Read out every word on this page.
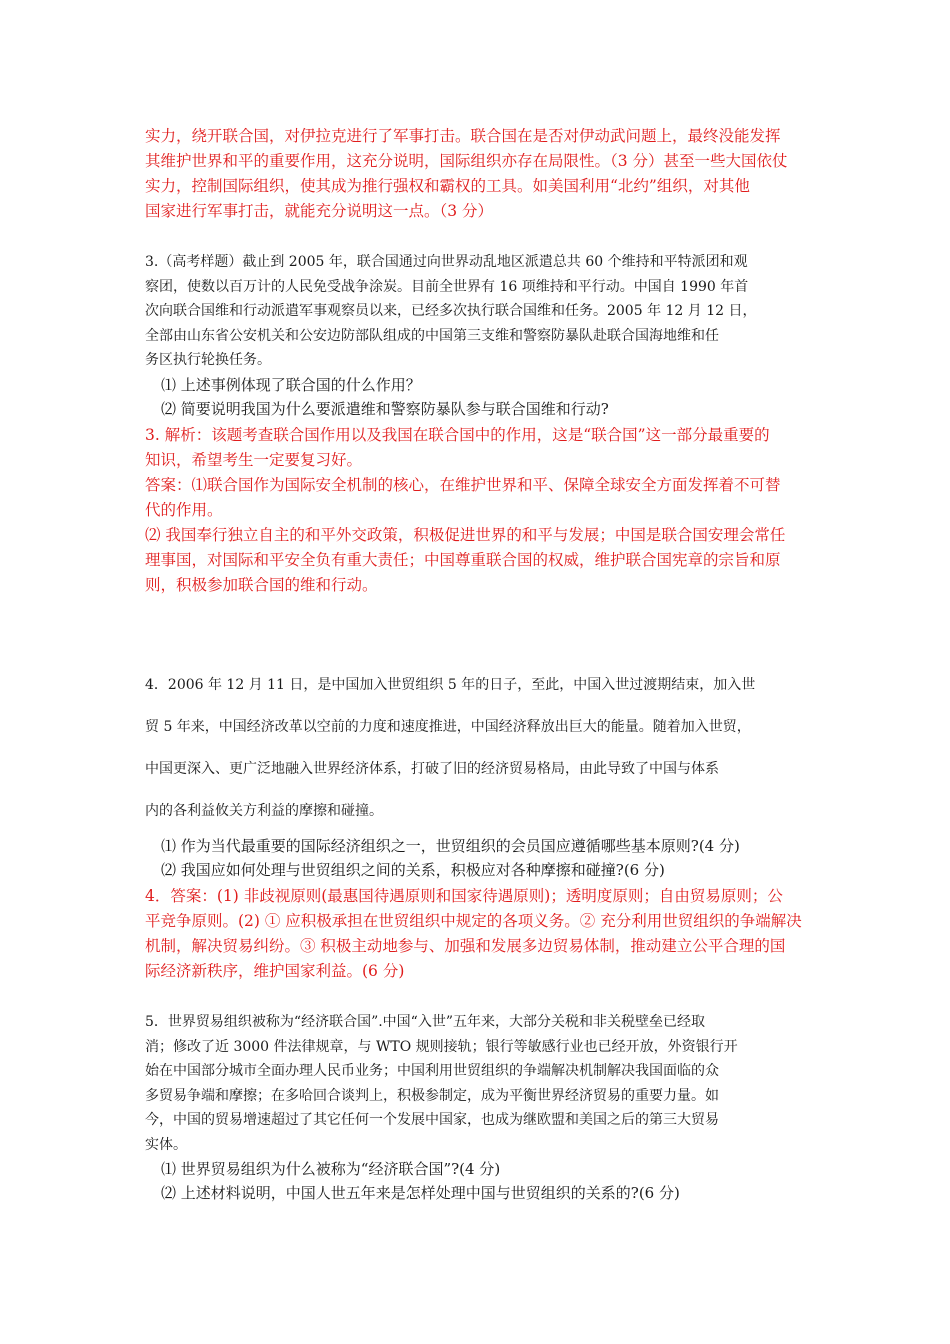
实力，绕开联合国，对伊拉克进行了军事打击。联合国在是否对伊动武问题上，最终没能发挥

其维护世界和平的重要作用，这充分说明，国际组织亦存在局限性。（3 分）甚至一些大国依仗

实力，控制国际组织，使其成为推行强权和霸权的工具。如美国利用“北约”组织，对其他

国家进行军事打击，就能充分说明这一点。（3 分）

3.（高考样题）截止到 2005 年，联合国通过向世界动乱地区派遣总共 60 个维持和平特派团和观

察团，使数以百万计的人民免受战争涂炭。目前全世界有 16 项维持和平行动。中国自 1990 年首

次向联合国维和行动派遣军事观察员以来，已经多次执行联合国维和任务。2005 年 12 月 12 日，

全部由山东省公安机关和公安边防部队组成的中国第三支维和警察防暴队赴联合国海地维和任

务区执行轮换任务。

⑴ 上述事例体现了联合国的什么作用？

⑵ 简要说明我国为什么要派遣维和警察防暴队参与联合国维和行动?

3. 解析：该题考查联合国作用以及我国在联合国中的作用，这是“联合国”这一部分最重要的

知识，希望考生一定要复习好。

答案：⑴联合国作为国际安全机制的核心，在维护世界和平、保障全球安全方面发挥着不可替

代的作用。

⑵ 我国奉行独立自主的和平外交政策，积极促进世界的和平与发展；中国是联合国安理会常任

理事国，对国际和平安全负有重大责任；中国尊重联合国的权威，维护联合国宪章的宗旨和原

则，积极参加联合国的维和行动。

4．2006 年 12 月 11 日，是中国加入世贸组织 5 年的日子，至此，中国入世过渡期结束，加入世

贸 5 年来，中国经济改革以空前的力度和速度推进，中国经济释放出巨大的能量。随着加入世贸，

中国更深入、更广泛地融入世界经济体系，打破了旧的经济贸易格局，由此导致了中国与体系

内的各利益攸关方利益的摩擦和碰撞。

⑴ 作为当代最重要的国际经济组织之一，世贸组织的会员国应遵循哪些基本原则?(4 分)

⑵ 我国应如何处理与世贸组织之间的关系，积极应对各种摩擦和碰撞?(6 分)

4．答案：(1) 非歧视原则(最惠国待遇原则和国家待遇原则)；透明度原则；自由贸易原则；公

平竞争原则。(2) ① 应积极承担在世贸组织中规定的各项义务。② 充分利用世贸组织的争端解决

机制，解决贸易纠纷。③ 积极主动地参与、加强和发展多边贸易体制，推动建立公平合理的国

际经济新秩序，维护国家利益。(6 分)

5．世界贸易组织被称为“经济联合国”.中国“入世”五年来，大部分关税和非关税壁垒已经取

消；修改了近 3000 件法律规章，与 WTO 规则接轨；银行等敏感行业也已经开放，外资银行开

始在中国部分城市全面办理人民币业务；中国利用世贸组织的争端解决机制解决我国面临的众

多贸易争端和摩擦；在多哈回合谈判上，积极参制定，成为平衡世界经济贸易的重要力量。如

今，中国的贸易增速超过了其它任何一个发展中国家，也成为继欧盟和美国之后的第三大贸易

实体。

⑴ 世界贸易组织为什么被称为“经济联合国”?(4 分)

⑵ 上述材料说明，中国人世五年来是怎样处理中国与世贸组织的关系的?(6 分)
